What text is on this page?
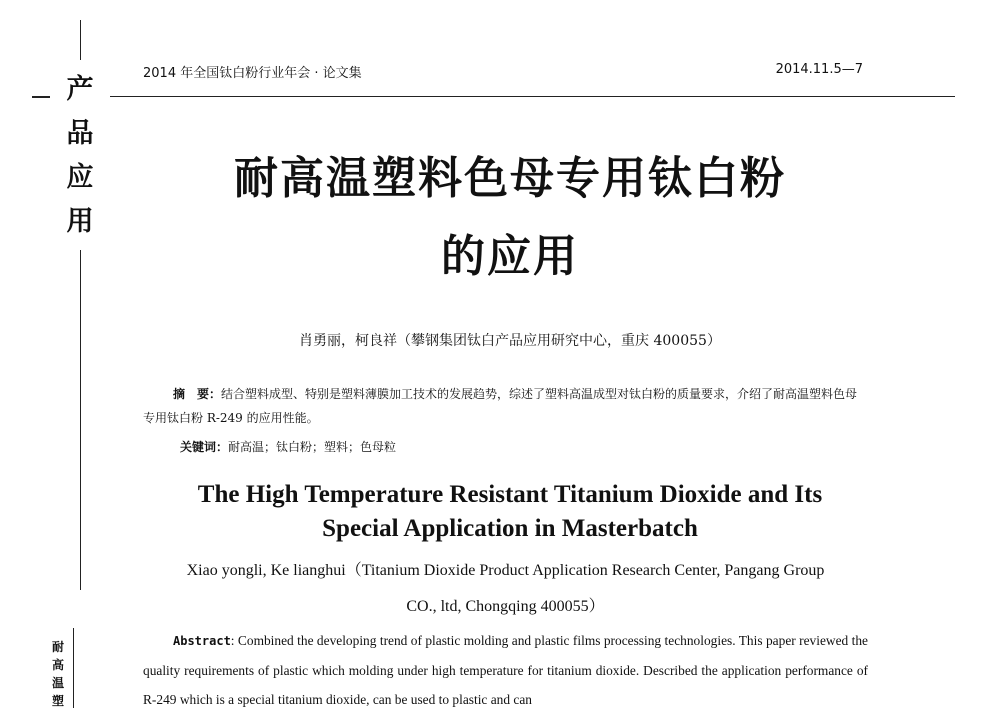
产
品
应
用
耐
高
温
塑
2014 年全国钛白粉行业年会 · 论文集	2014.11.5—7
耐高温塑料色母专用钛白粉
的应用
肖勇丽，柯良祥（攀钢集团钛白产品应用研究中心，重庆 400055）
摘　要：结合塑料成型、特别是塑料薄膜加工技术的发展趋势，综述了塑料高温成型对钛白粉的质量要求，介绍了耐高温塑料色母专用钛白粉 R-249 的应用性能。
关键词：耐高温；钛白粉；塑料；色母粒
The High Temperature Resistant Titanium Dioxide and Its
Special Application in Masterbatch
Xiao yongli, Ke lianghui（Titanium Dioxide Product Application Research Center, Pangang Group
CO., ltd, Chongqing 400055）
Abstract: Combined the developing trend of plastic molding and plastic films processing technologies. This paper reviewed the quality requirements of plastic which molding under high temperature for titanium dioxide. Described the application performance of R-249 which is a special titanium dioxide, can be used to plastic and can
